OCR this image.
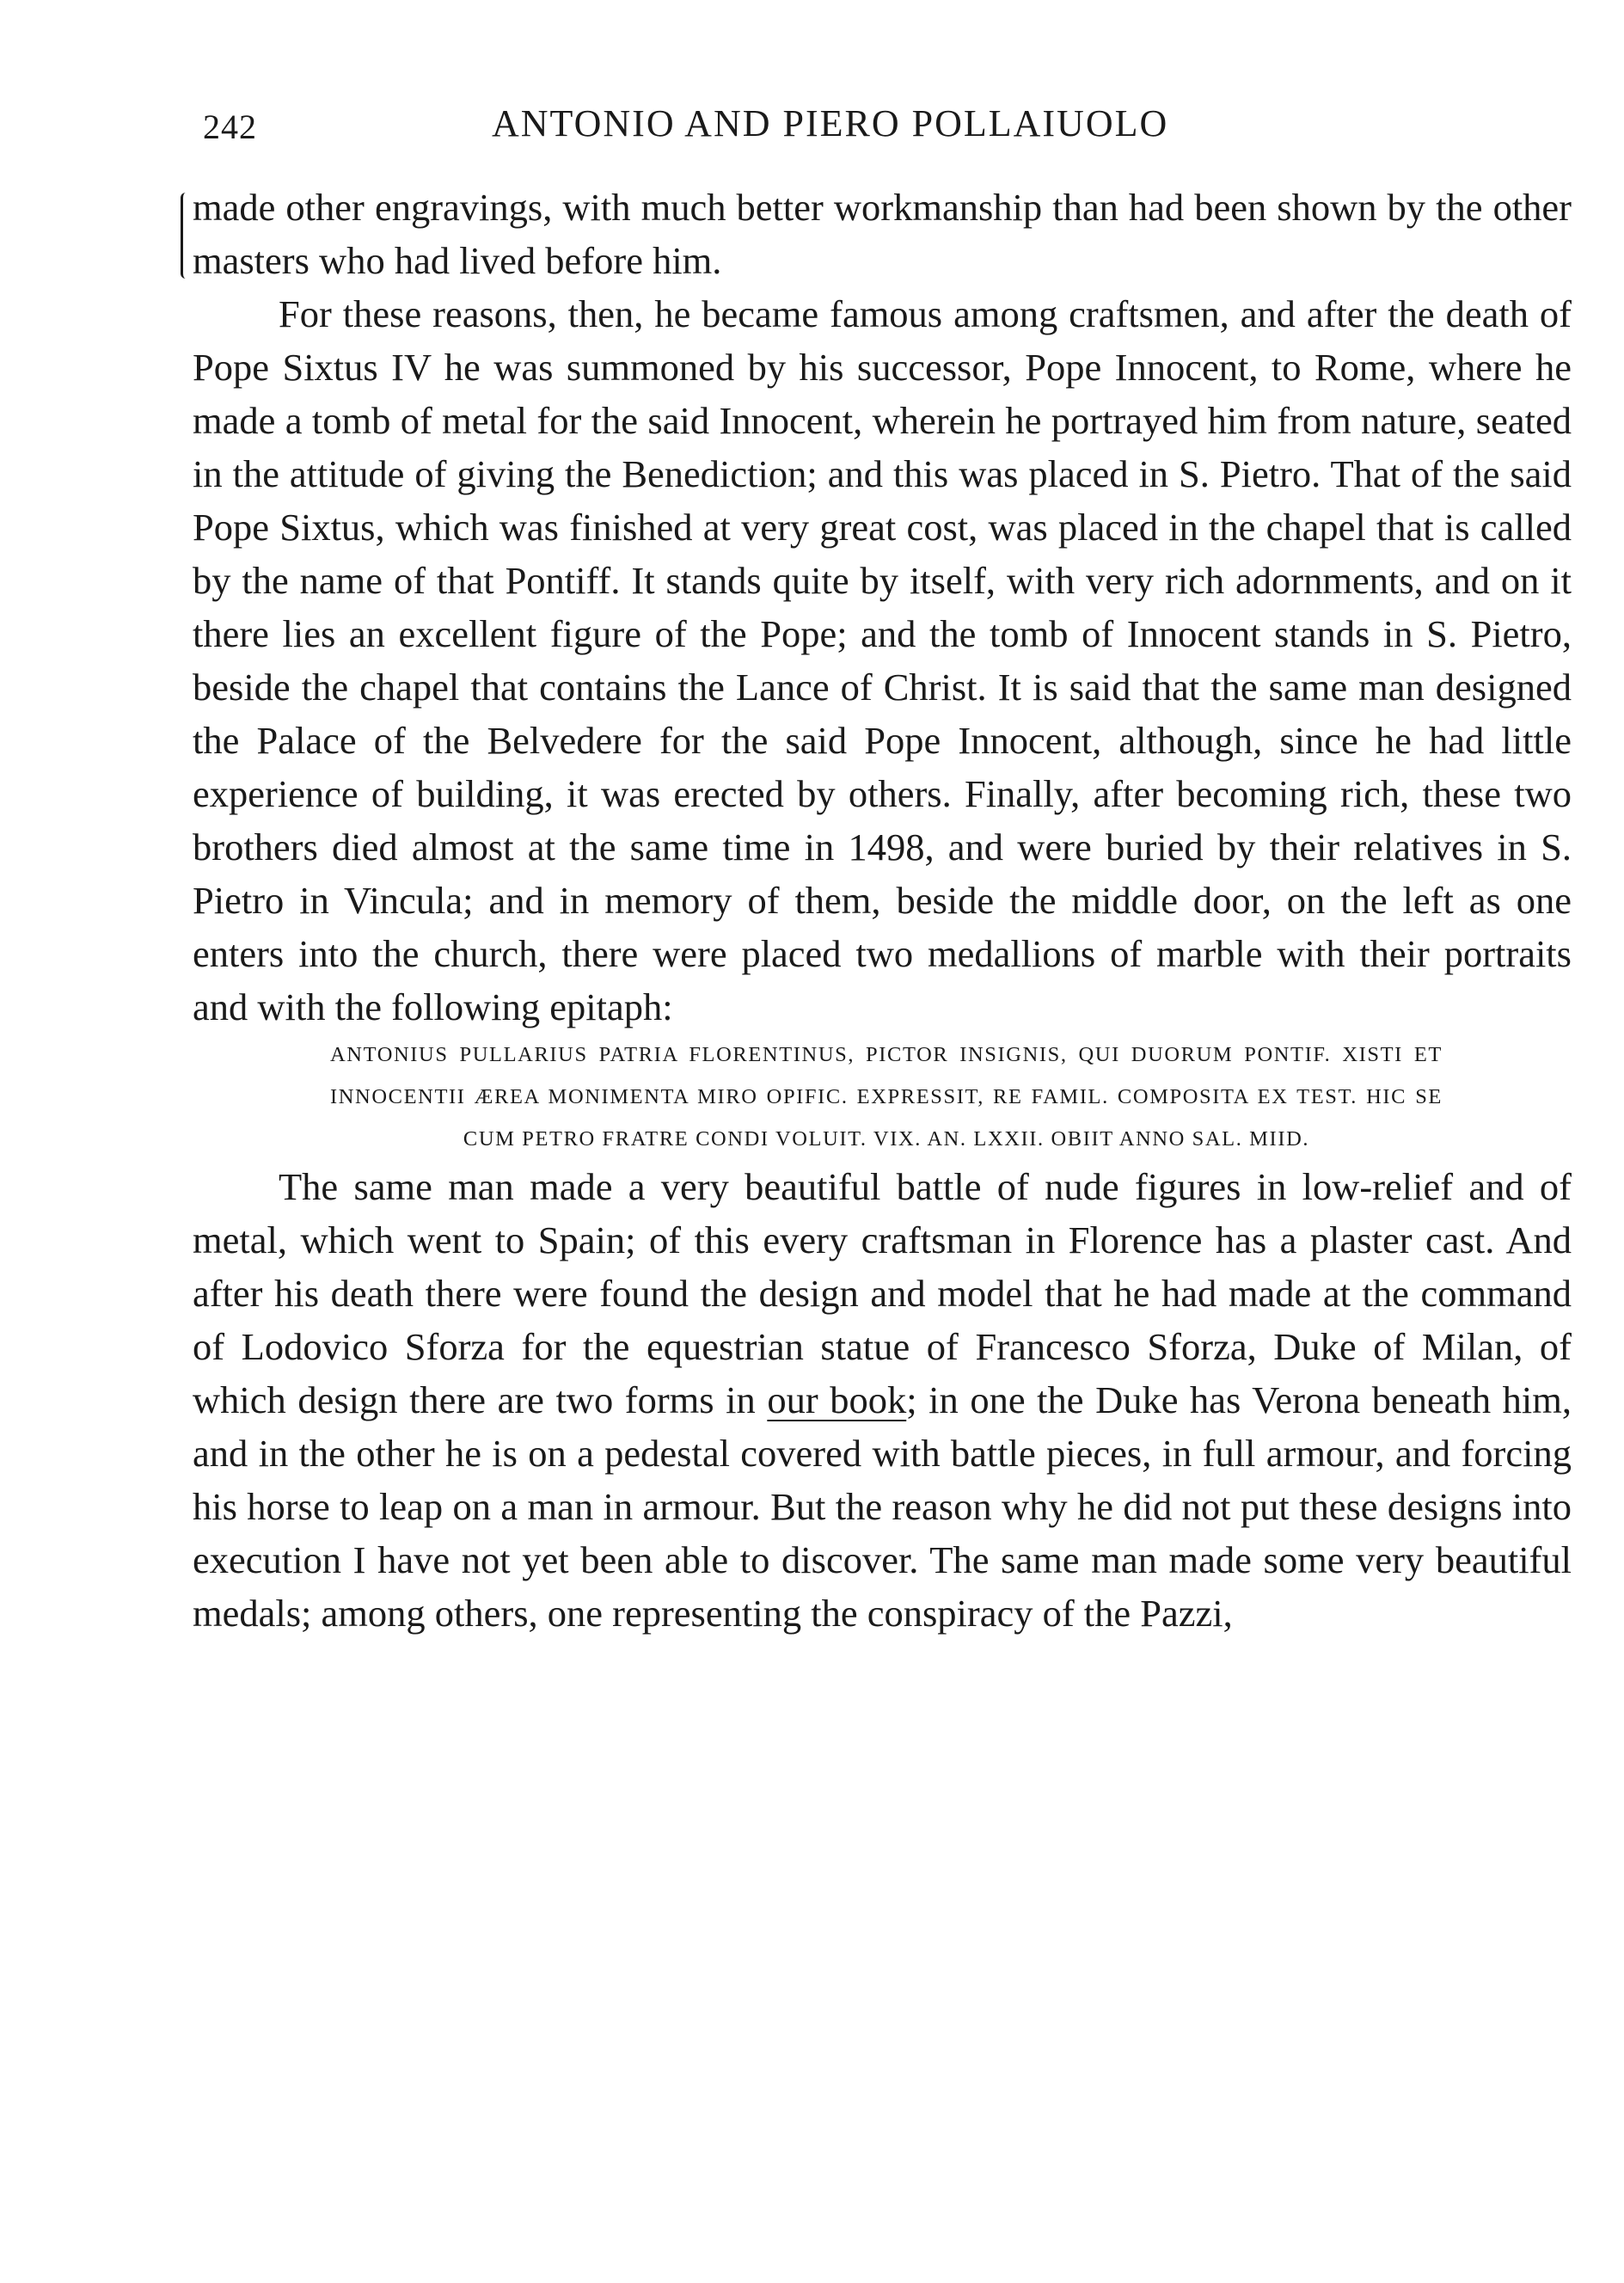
242	ANTONIO AND PIERO POLLAIUOLO

made other engravings, with much better workmanship than had been shown by the other masters who had lived before him.

For these reasons, then, he became famous among craftsmen, and after the death of Pope Sixtus IV he was summoned by his successor, Pope Innocent, to Rome, where he made a tomb of metal for the said Innocent, wherein he portrayed him from nature, seated in the attitude of giving the Benediction; and this was placed in S. Pietro. That of the said Pope Sixtus, which was finished at very great cost, was placed in the chapel that is called by the name of that Pontiff. It stands quite by itself, with very rich adornments, and on it there lies an excellent figure of the Pope; and the tomb of Innocent stands in S. Pietro, beside the chapel that contains the Lance of Christ. It is said that the same man designed the Palace of the Belvedere for the said Pope Innocent, although, since he had little experience of building, it was erected by others. Finally, after becoming rich, these two brothers died almost at the same time in 1498, and were buried by their relatives in S. Pietro in Vincula; and in memory of them, beside the middle door, on the left as one enters into the church, there were placed two medallions of marble with their portraits and with the following epitaph:

ANTONIUS PULLARIUS PATRIA FLORENTINUS, PICTOR INSIGNIS, QUI DUORUM PONTIF. XISTI ET INNOCENTII ÆREA MONIMENTA MIRO OPIFIC. EXPRESSIT, RE FAMIL. COMPOSITA EX TEST. HIC SE CUM PETRO FRATRE CONDI VOLUIT. VIX. AN. LXXII. OBIIT ANNO SAL. MIID.

The same man made a very beautiful battle of nude figures in low-relief and of metal, which went to Spain; of this every craftsman in Florence has a plaster cast. And after his death there were found the design and model that he had made at the command of Lodovico Sforza for the equestrian statue of Francesco Sforza, Duke of Milan, of which design there are two forms in our book; in one the Duke has Verona beneath him, and in the other he is on a pedestal covered with battle pieces, in full armour, and forcing his horse to leap on a man in armour. But the reason why he did not put these designs into execution I have not yet been able to discover. The same man made some very beautiful medals; among others, one representing the conspiracy of the Pazzi,
